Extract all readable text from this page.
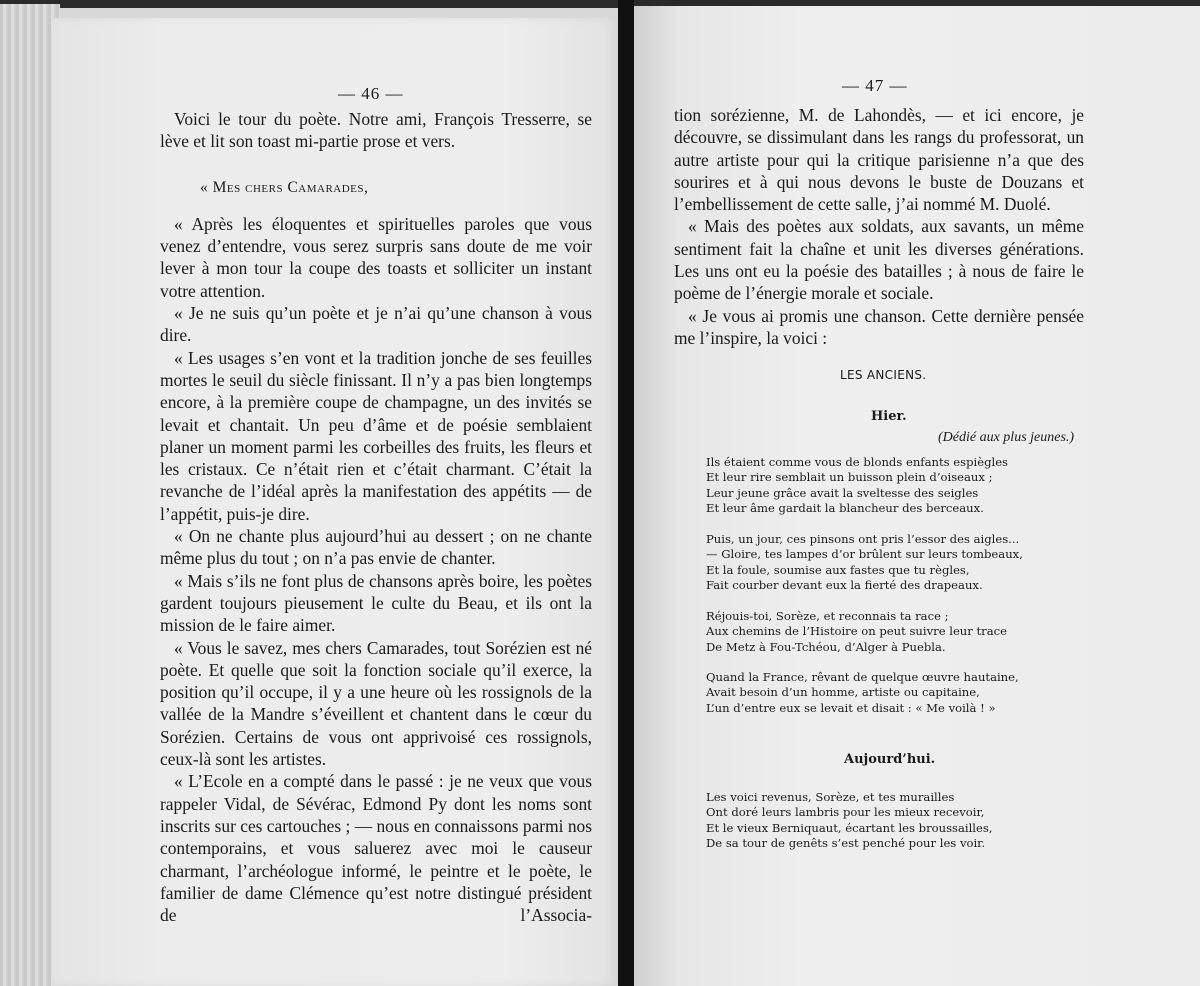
— 46 —

Voici le tour du poète. Notre ami, François Tresserre, se

lève et lit son toast mi-partie prose et vers.

« Mes chers Camarades,

« Après les éloquentes et spirituelles paroles que vous venez d’entendre, vous serez surpris sans doute de me voir lever à mon tour la coupe des toasts et solliciter un instant votre attention.

« Je ne suis qu’un poète et je n’ai qu’une chanson à vous dire.

« Les usages s’en vont et la tradition jonche de ses feuilles mortes le seuil du siècle finissant. Il n’y a pas bien longtemps encore, à la première coupe de champagne, un des invités se levait et chantait. Un peu d’âme et de poésie semblaient planer un moment parmi les corbeilles des fruits, les fleurs et les cristaux. Ce n’était rien et c’était charmant. C’était la revanche de l’idéal après la manifestation des appétits — de l’appétit, puis-je dire.

« On ne chante plus aujourd’hui au dessert ; on ne chante même plus du tout ; on n’a pas envie de chanter.

« Mais s’ils ne font plus de chansons après boire, les poètes gardent toujours pieusement le culte du Beau, et ils ont la mission de le faire aimer.

« Vous le savez, mes chers Camarades, tout Sorézien est né poète. Et quelle que soit la fonction sociale qu’il exerce, la position qu’il occupe, il y a une heure où les rossignols de la vallée de la Mandre s’éveillent et chantent dans le cœur du Sorézien. Certains de vous ont apprivoisé ces rossignols, ceux-là sont les artistes.

« L’Ecole en a compté dans le passé : je ne veux que vous rappeler Vidal, de Sévérac, Edmond Py dont les noms sont inscrits sur ces cartouches ; — nous en connaissons parmi nos contemporains, et vous saluerez avec moi le causeur charmant, l’archéologue informé, le peintre et le poète, le familier de dame Clémence qu’est notre distingué président de l’Associa-

— 47 —

tion sorézienne, M. de Lahondès, — et ici encore, je découvre, se dissimulant dans les rangs du professorat, un autre artiste pour qui la critique parisienne n’a que des sourires et à qui nous devons le buste de Douzans et l’embellissement de cette salle, j’ai nommé M. Duolé.

« Mais des poètes aux soldats, aux savants, un même sentiment fait la chaîne et unit les diverses générations. Les uns ont eu la poésie des batailles ; à nous de faire le poème de l’énergie morale et sociale.

« Je vous ai promis une chanson. Cette dernière pensée me l’inspire, la voici :

LES ANCIENS.
Hier.
(Dédié aux plus jeunes.)
Ils étaient comme vous de blonds enfants espiègles
Et leur rire semblait un buisson plein d’oiseaux ;
Leur jeune grâce avait la sveltesse des seigles
Et leur âme gardait la blancheur des berceaux.
Puis, un jour, ces pinsons ont pris l’essor des aigles...
— Gloire, tes lampes d’or brûlent sur leurs tombeaux,
Et la foule, soumise aux fastes que tu règles,
Fait courber devant eux la fierté des drapeaux.
Réjouis-toi, Sorèze, et reconnais ta race ;
Aux chemins de l’Histoire on peut suivre leur trace
De Metz à Fou-Tchéou, d’Alger à Puebla.
Quand la France, rêvant de quelque œuvre hautaine,
Avait besoin d’un homme, artiste ou capitaine,
L’un d’entre eux se levait et disait : « Me voilà ! »
Aujourd’hui.
Les voici revenus, Sorèze, et tes murailles
Ont doré leurs lambris pour les mieux recevoir,
Et le vieux Berniquaut, écartant les broussailles,
De sa tour de genêts s’est penché pour les voir.
